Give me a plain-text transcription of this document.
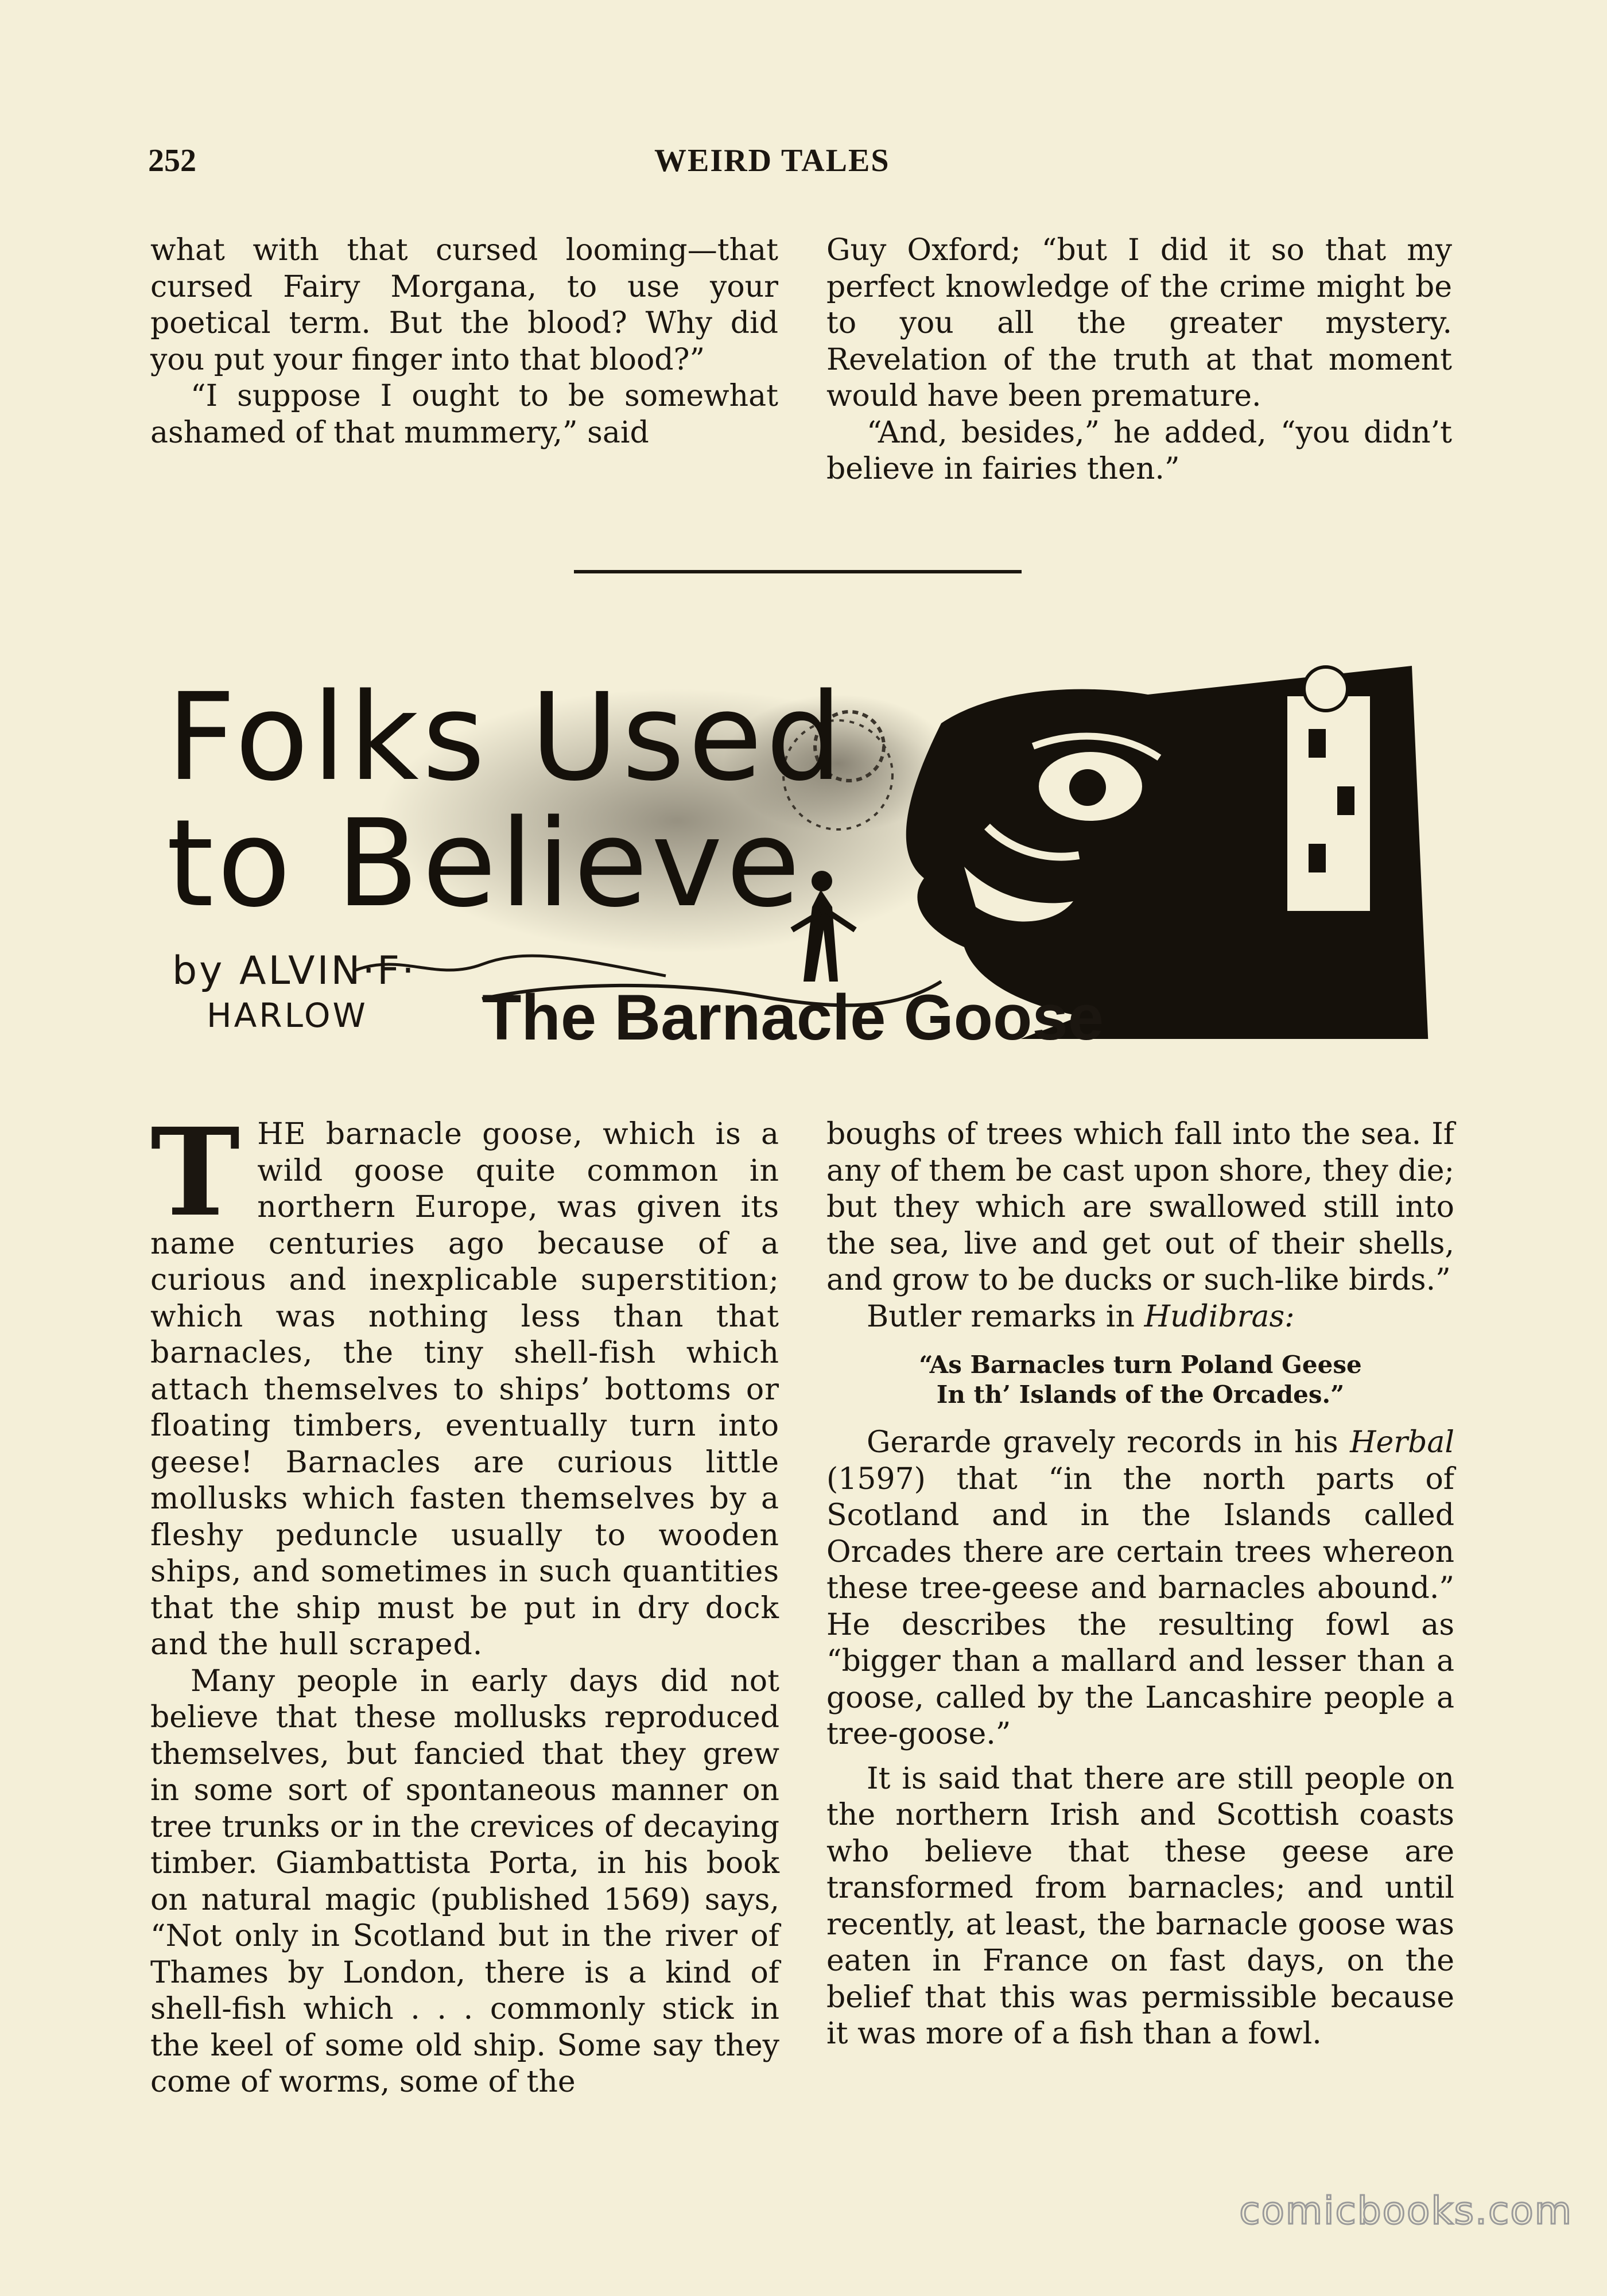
252	WEIRD TALES

what with that cursed looming—that cursed Fairy Morgana, to use your poetical term. But the blood? Why did you put your finger into that blood?”

“I suppose I ought to be somewhat ashamed of that mummery,” said

Guy Oxford; “but I did it so that my perfect knowledge of the crime might be to you all the greater mystery. Revelation of the truth at that moment would have been premature.

“And, besides,” he added, “you didn’t believe in fairies then.”

Folks Used
to Believe
by ALVIN·F·
HARLOW The Barnacle Goose

THE barnacle goose, which is a wild goose quite common in northern Europe, was given its name centuries ago because of a curious and inexplicable superstition; which was nothing less than that barnacles, the tiny shell-fish which attach themselves to ships’ bottoms or floating timbers, eventually turn into geese! Barnacles are curious little mollusks which fasten themselves by a fleshy peduncle usually to wooden ships, and sometimes in such quantities that the ship must be put in dry dock and the hull scraped.

Many people in early days did not believe that these mollusks reproduced themselves, but fancied that they grew in some sort of spontaneous manner on tree trunks or in the crevices of decaying timber. Giambattista Porta, in his book on natural magic (published 1569) says, “Not only in Scotland but in the river of Thames by London, there is a kind of shell-fish which . . . commonly stick in the keel of some old ship. Some say they come of worms, some of the

boughs of trees which fall into the sea. If any of them be cast upon shore, they die; but they which are swallowed still into the sea, live and get out of their shells, and grow to be ducks or such-like birds.”

Butler remarks in Hudibras:

“As Barnacles turn Poland Geese
In th’ Islands of the Orcades.”

Gerarde gravely records in his Herbal (1597) that “in the north parts of Scotland and in the Islands called Orcades there are certain trees whereon these tree-geese and barnacles abound.” He describes the resulting fowl as “bigger than a mallard and lesser than a goose, called by the Lancashire people a tree-goose.”

It is said that there are still people on the northern Irish and Scottish coasts who believe that these geese are transformed from barnacles; and until recently, at least, the barnacle goose was eaten in France on fast days, on the belief that this was permissible because it was more of a fish than a fowl.

comicbooks.com
